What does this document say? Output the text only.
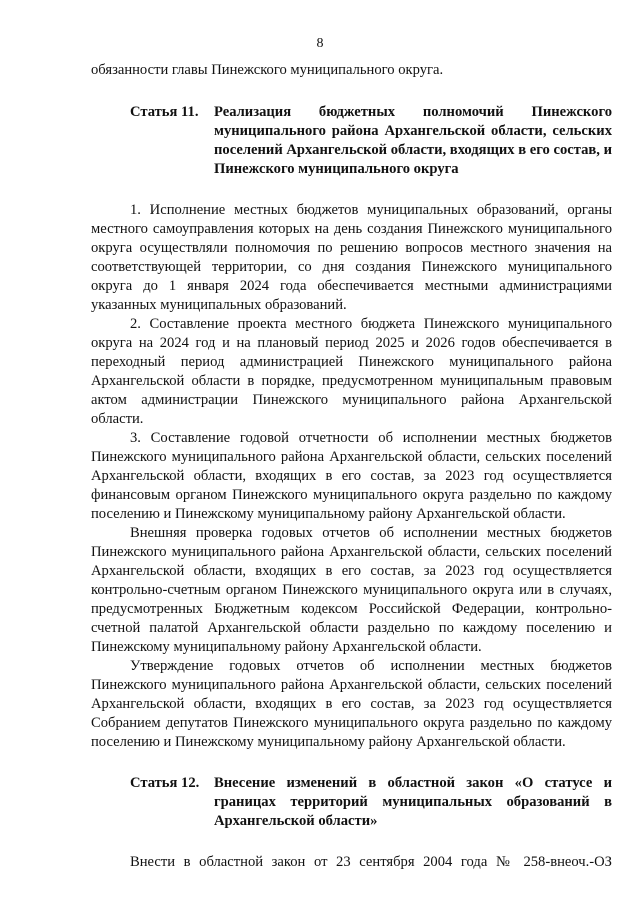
8

обязанности главы Пинежского муниципального округа.

Статья 11.	Реализация бюджетных полномочий Пинежского муниципального района Архангельской области, сельских поселений Архангельской области, входящих в его состав, и Пинежского муниципального округа

1. Исполнение местных бюджетов муниципальных образований, органы местного самоуправления которых на день создания Пинежского муниципального округа осуществляли полномочия по решению вопросов местного значения на соответствующей территории, со дня создания Пинежского муниципального округа до 1 января 2024 года обеспечивается местными администрациями указанных муниципальных образований.

2. Составление проекта местного бюджета Пинежского муниципального округа на 2024 год и на плановый период 2025 и 2026 годов обеспечивается в переходный период администрацией Пинежского муниципального района Архангельской области в порядке, предусмотренном муниципальным правовым актом администрации Пинежского муниципального района Архангельской области.

3. Составление годовой отчетности об исполнении местных бюджетов Пинежского муниципального района Архангельской области, сельских поселений Архангельской области, входящих в его состав, за 2023 год осуществляется финансовым органом Пинежского муниципального округа раздельно по каждому поселению и Пинежскому муниципальному району Архангельской области.

Внешняя проверка годовых отчетов об исполнении местных бюджетов Пинежского муниципального района Архангельской области, сельских поселений Архангельской области, входящих в его состав, за 2023 год осуществляется контрольно-счетным органом Пинежского муниципального округа или в случаях, предусмотренных Бюджетным кодексом Российской Федерации, контрольно-счетной палатой Архангельской области раздельно по каждому поселению и Пинежскому муниципальному району Архангельской области.

Утверждение годовых отчетов об исполнении местных бюджетов Пинежского муниципального района Архангельской области, сельских поселений Архангельской области, входящих в его состав, за 2023 год осуществляется Собранием депутатов Пинежского муниципального округа раздельно по каждому поселению и Пинежскому муниципальному району Архангельской области.

Статья 12.	Внесение изменений в областной закон «О статусе и границах территорий муниципальных образований в Архангельской области»

Внести в областной закон от 23 сентября 2004 года № 258-внеоч.-ОЗ
